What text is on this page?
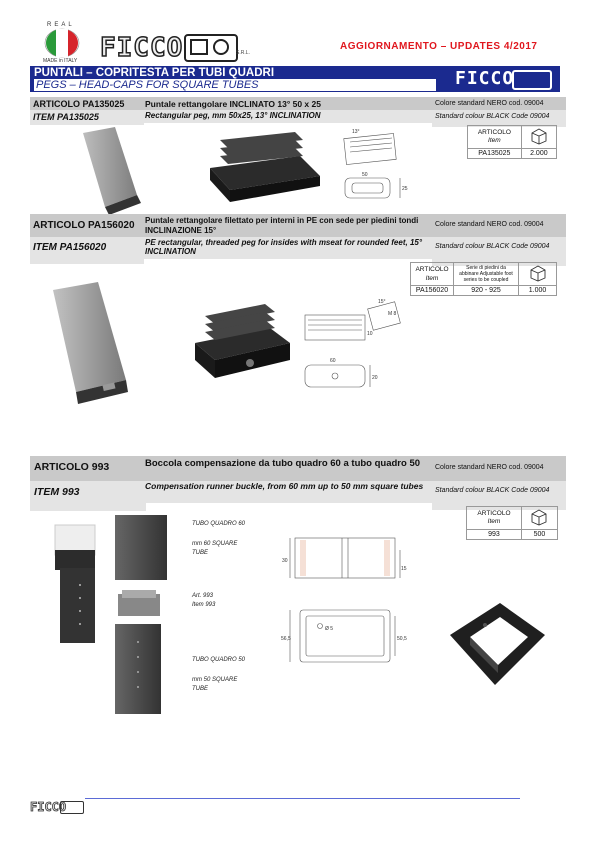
REAL
MADE in ITALY FICCO	S.R.L.
AGGIORNAMENTO – UPDATES 4/2017
PUNTALI – COPRITESTA PER TUBI QUADRI
PEGS – HEAD-CAPS FOR SQUARE TUBES	FICCO
ARTICOLO PA135025	Puntale rettangolare INCLINATO 13° 50 x 25	Colore standard NERO cod. 09004
ITEM PA135025	Rectangular peg, mm 50x25, 13° INCLINATION	Standard colour BLACK Code 09004
ARTICOLO
Item	
PA135025	2.000
13°
50
25
ARTICOLO PA156020	Puntale rettangolare filettato per interni in PE con sede per piedini tondi INCLINAZIONE 15°
Colore standard NERO cod. 09004
ITEM PA156020	PE rectangular, threaded peg for insides with mseat for rounded feet, 15° INCLINATION
Standard colour BLACK Code 09004
ARTICOLO
Item	Serie di piedini da abbinare Adjustable foot series to be coupled	
PA156020	920 - 925	1.000
15°
M 8
10
60
20
ARTICOLO 993	Boccola compensazione da tubo quadro 60 a tubo quadro 50	Colore standard NERO cod. 09004
ITEM 993	Compensation runner buckle, from 60 mm up to 50 mm square tubes	Standard colour BLACK Code 09004
ARTICOLO
Item	
993	500
TUBO QUADRO 60
mm 60 SQUARE
TUBE
Art. 993
Item 993
TUBO QUADRO 50
mm 50 SQUARE
TUBE
30
15
Ø 5
56,5	50,5
FICCO
